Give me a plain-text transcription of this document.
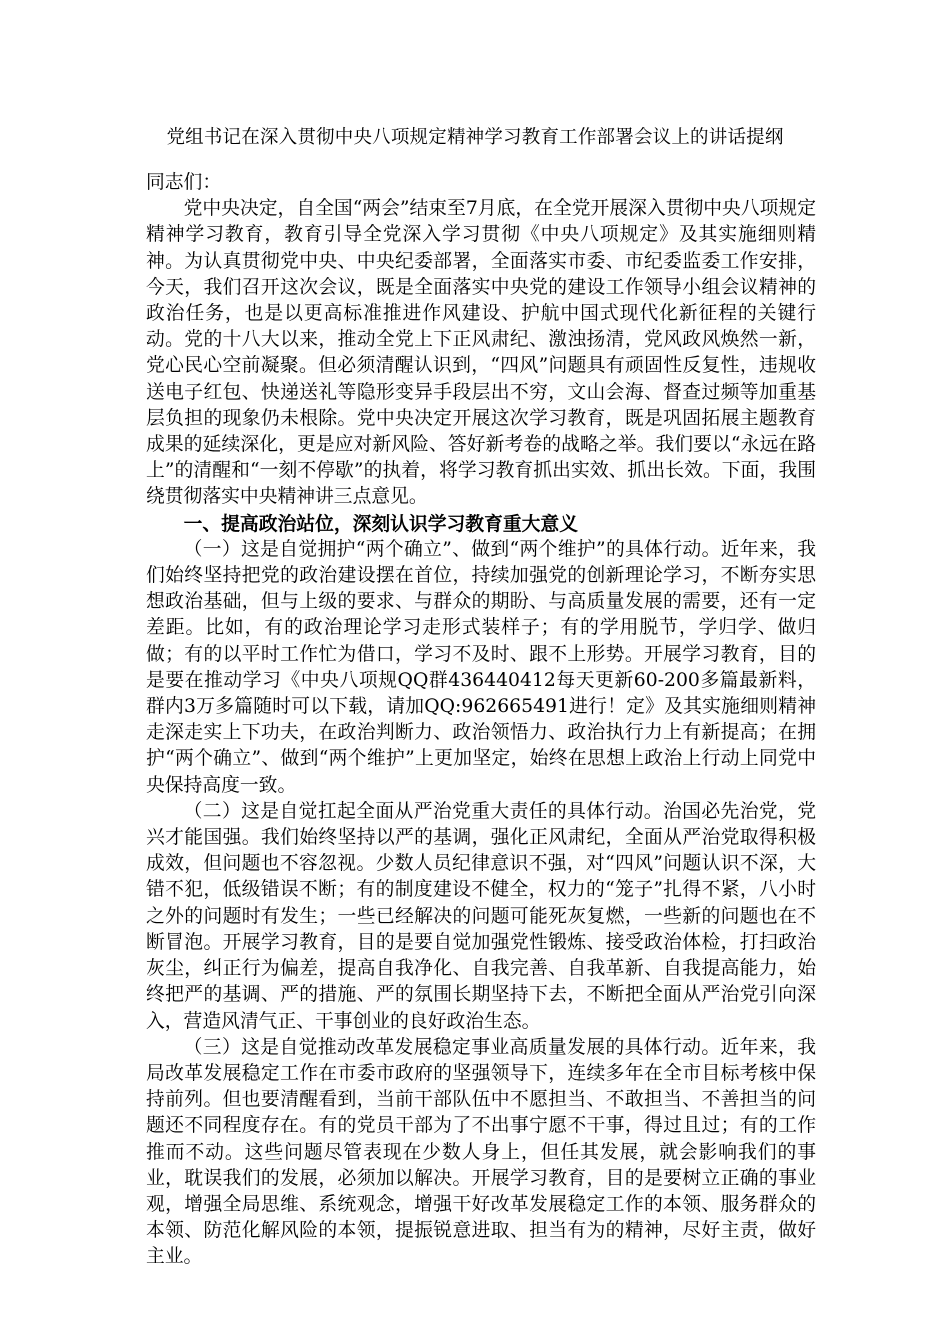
党组书记在深入贯彻中央八项规定精神学习教育工作部署会议上的讲话提纲

同志们：

党中央决定，自全国“两会”结束至7月底，在全党开展深入贯彻中央八项规定精神学习教育，教育引导全党深入学习贯彻《中央八项规定》及其实施细则精神。为认真贯彻党中央、中央纪委部署，全面落实市委、市纪委监委工作安排，今天，我们召开这次会议，既是全面落实中央党的建设工作领导小组会议精神的政治任务，也是以更高标准推进作风建设、护航中国式现代化新征程的关键行动。党的十八大以来，推动全党上下正风肃纪、激浊扬清，党风政风焕然一新，党心民心空前凝聚。但必须清醒认识到，“四风”问题具有顽固性反复性，违规收送电子红包、快递送礼等隐形变异手段层出不穷，文山会海、督查过频等加重基层负担的现象仍未根除。党中央决定开展这次学习教育，既是巩固拓展主题教育成果的延续深化，更是应对新风险、答好新考卷的战略之举。我们要以“永远在路上”的清醒和“一刻不停歇”的执着，将学习教育抓出实效、抓出长效。下面，我围绕贯彻落实中央精神讲三点意见。

一、提高政治站位，深刻认识学习教育重大意义

（一）这是自觉拥护“两个确立”、做到“两个维护”的具体行动。近年来，我们始终坚持把党的政治建设摆在首位，持续加强党的创新理论学习，不断夯实思想政治基础，但与上级的要求、与群众的期盼、与高质量发展的需要，还有一定差距。比如，有的政治理论学习走形式装样子；有的学用脱节，学归学、做归做；有的以平时工作忙为借口，学习不及时、跟不上形势。开展学习教育，目的是要在推动学习《中央八项规QQ群436440412每天更新60-200多篇最新料，群内3万多篇随时可以下载，请加QQ:962665491进行！定》及其实施细则精神走深走实上下功夫，在政治判断力、政治领悟力、政治执行力上有新提高；在拥护“两个确立”、做到“两个维护”上更加坚定，始终在思想上政治上行动上同党中央保持高度一致。

（二）这是自觉扛起全面从严治党重大责任的具体行动。治国必先治党，党兴才能国强。我们始终坚持以严的基调，强化正风肃纪，全面从严治党取得积极成效，但问题也不容忽视。少数人员纪律意识不强，对“四风”问题认识不深，大错不犯，低级错误不断；有的制度建设不健全，权力的“笼子”扎得不紧，八小时之外的问题时有发生；一些已经解决的问题可能死灰复燃，一些新的问题也在不断冒泡。开展学习教育，目的是要自觉加强党性锻炼、接受政治体检，打扫政治灰尘，纠正行为偏差，提高自我净化、自我完善、自我革新、自我提高能力，始终把严的基调、严的措施、严的氛围长期坚持下去，不断把全面从严治党引向深入，营造风清气正、干事创业的良好政治生态。

（三）这是自觉推动改革发展稳定事业高质量发展的具体行动。近年来，我局改革发展稳定工作在市委市政府的坚强领导下，连续多年在全市目标考核中保持前列。但也要清醒看到，当前干部队伍中不愿担当、不敢担当、不善担当的问题还不同程度存在。有的党员干部为了不出事宁愿不干事，得过且过；有的工作推而不动。这些问题尽管表现在少数人身上，但任其发展，就会影响我们的事业，耽误我们的发展，必须加以解决。开展学习教育，目的是要树立正确的事业观，增强全局思维、系统观念，增强干好改革发展稳定工作的本领、服务群众的本领、防范化解风险的本领，提振锐意进取、担当有为的精神，尽好主责，做好主业。
